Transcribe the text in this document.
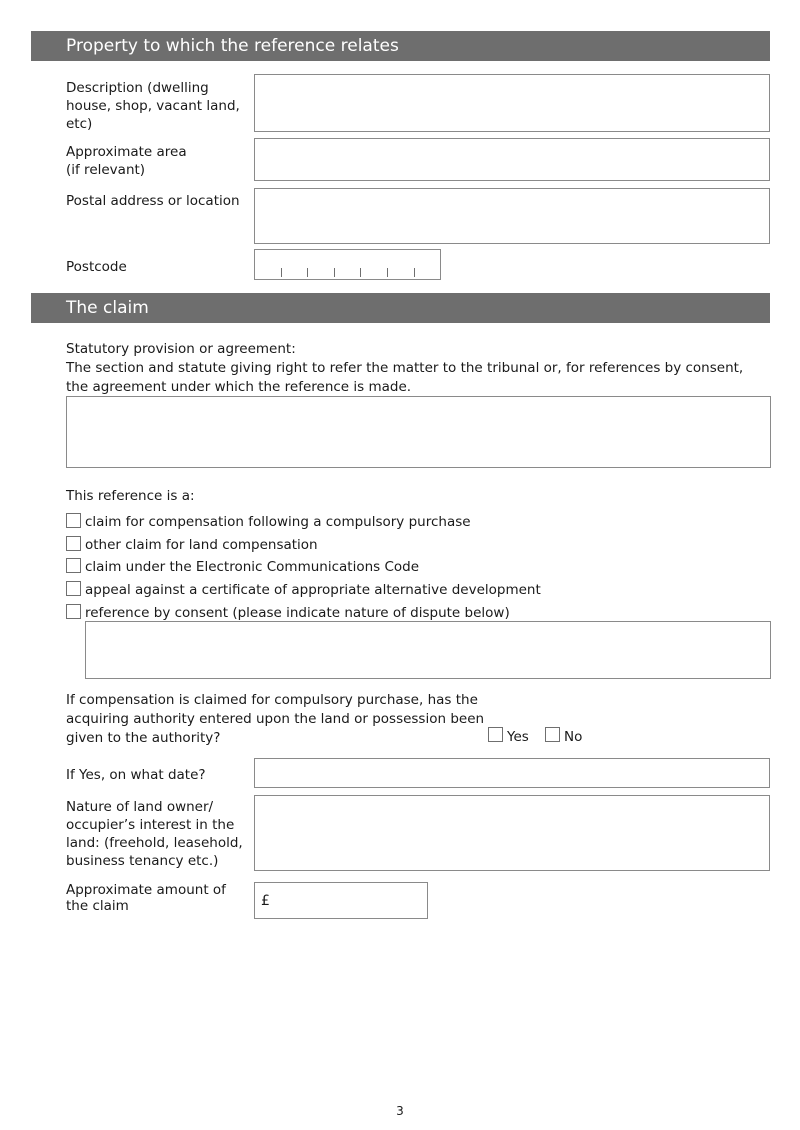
Property to which the reference relates
Description (dwelling
house, shop, vacant land,
etc)
Approximate area
(if relevant)
Postal address or location
Postcode
The claim
Statutory provision or agreement:
The section and statute giving right to refer the matter to the tribunal or, for references by consent, the agreement under which the reference is made.
This reference is a:
claim for compensation following a compulsory purchase
other claim for land compensation
claim under the Electronic Communications Code
appeal against a certificate of appropriate alternative development
reference by consent (please indicate nature of dispute below)
If compensation is claimed for compulsory purchase, has the
acquiring authority entered upon the land or possession been
given to the authority?	Yes	No
If Yes, on what date?
Nature of land owner/
occupier’s interest in the
land: (freehold, leasehold,
business tenancy etc.)
Approximate amount of
the claim	£
3
